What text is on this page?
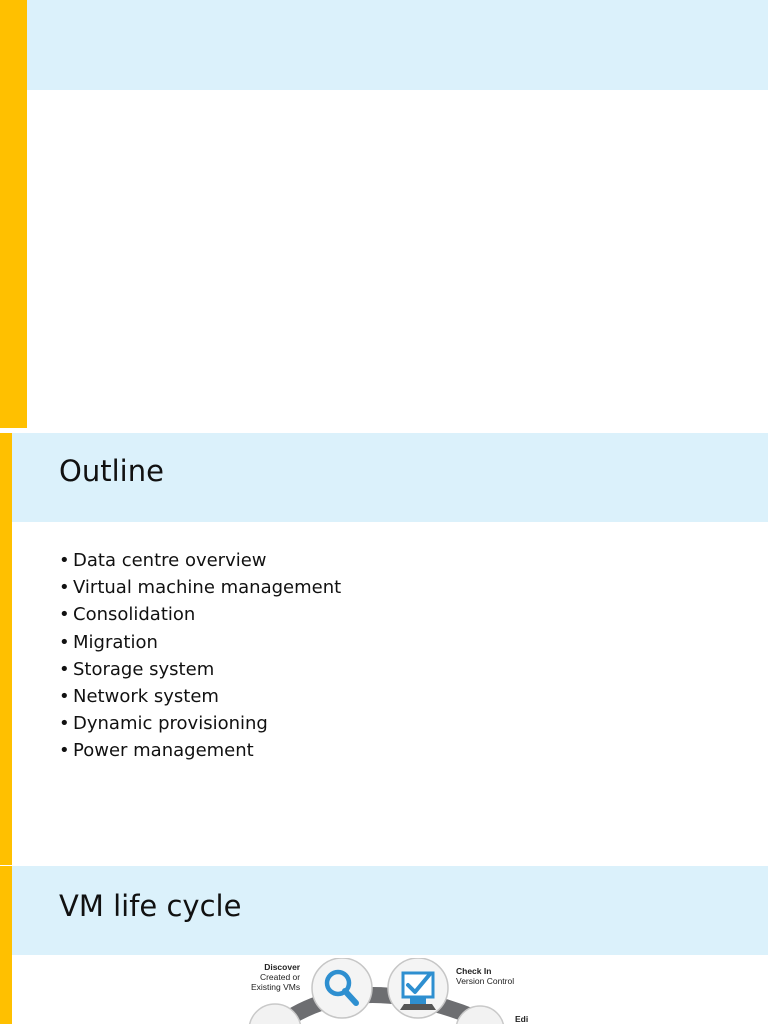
Outline
• Data centre overview
• Virtual machine management
• Consolidation
• Migration
• Storage system
• Network system
• Dynamic provisioning
• Power management
VM life cycle
Discover
Created or
Existing VMs
Check In
Version Control
Edi
